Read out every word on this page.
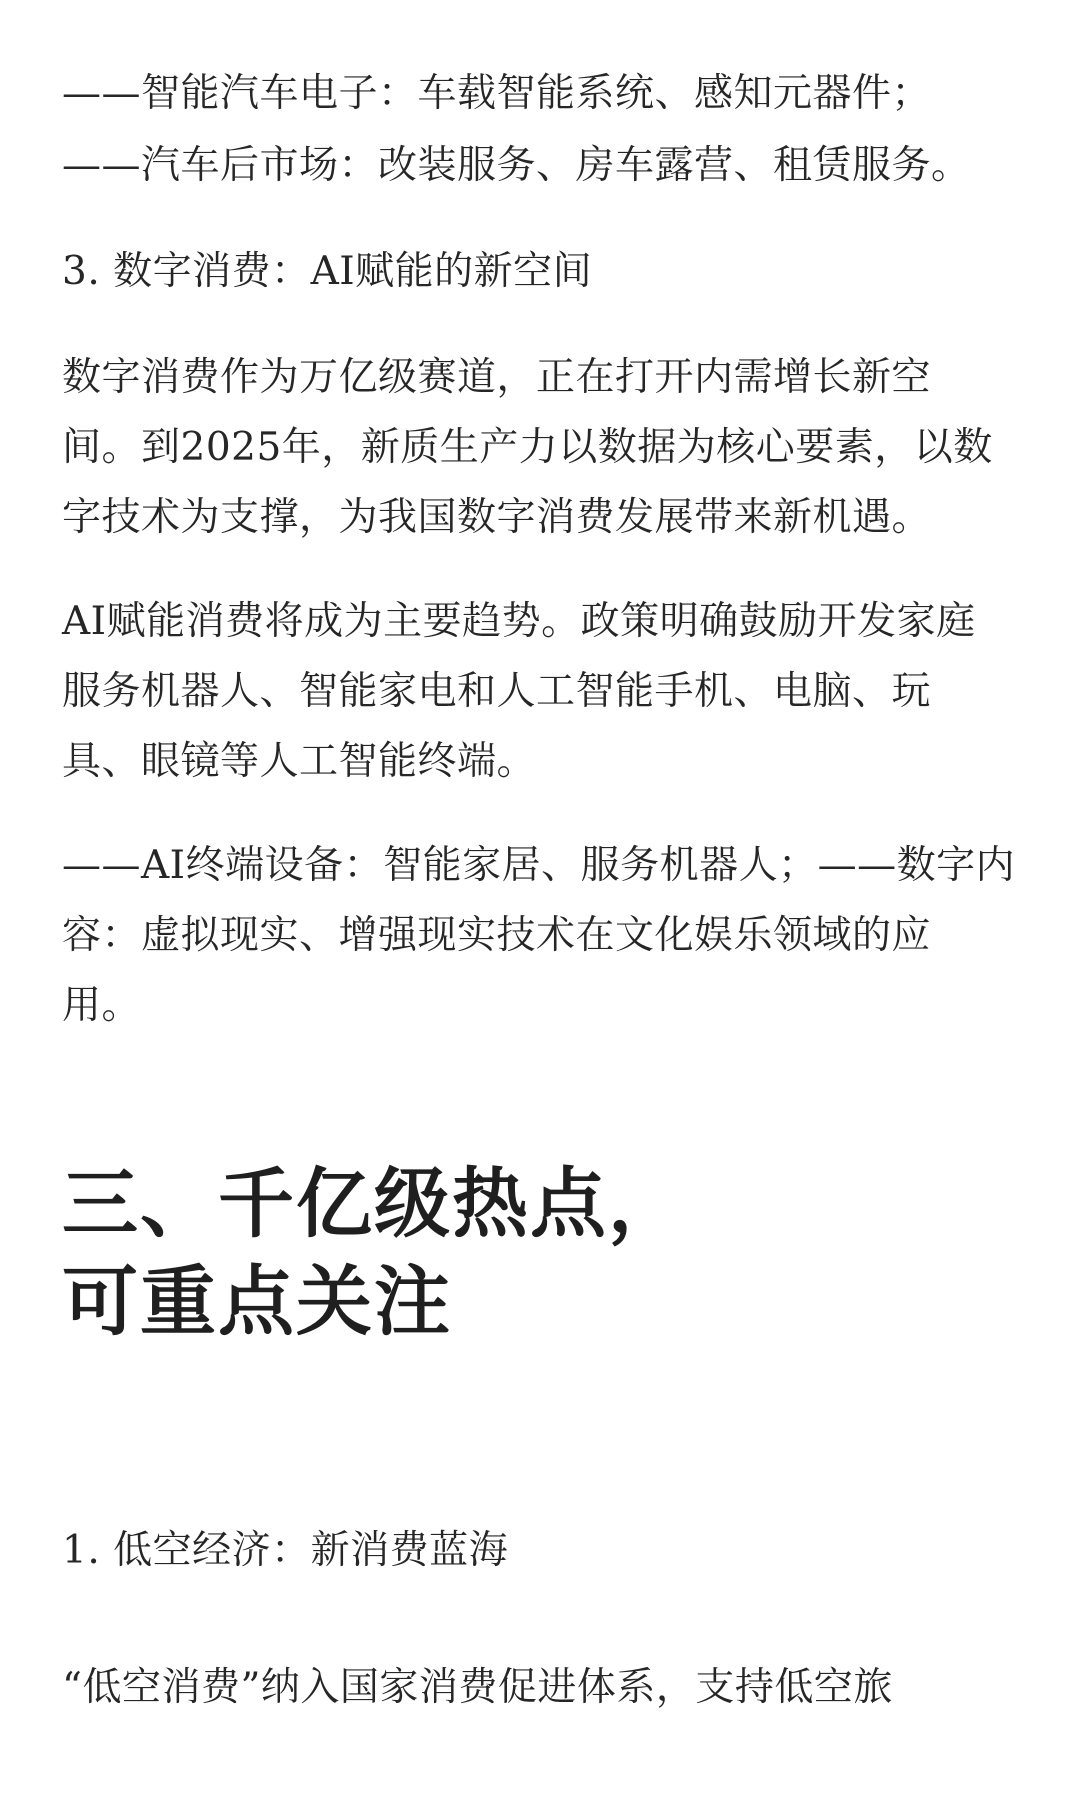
——智能汽车电子：车载智能系统、感知元器件；
——汽车后市场：改装服务、房车露营、租赁服务。
3. 数字消费：AI赋能的新空间
数字消费作为万亿级赛道，正在打开内需增长新空
间。到2025年，新质生产力以数据为核心要素，以数
字技术为支撑，为我国数字消费发展带来新机遇。
AI赋能消费将成为主要趋势。政策明确鼓励开发家庭
服务机器人、智能家电和人工智能手机、电脑、玩
具、眼镜等人工智能终端。
——AI终端设备：智能家居、服务机器人；——数字内
容：虚拟现实、增强现实技术在文化娱乐领域的应
用。
三、千亿级热点，
可重点关注
1. 低空经济：新消费蓝海
“低空消费”纳入国家消费促进体系，支持低空旅
